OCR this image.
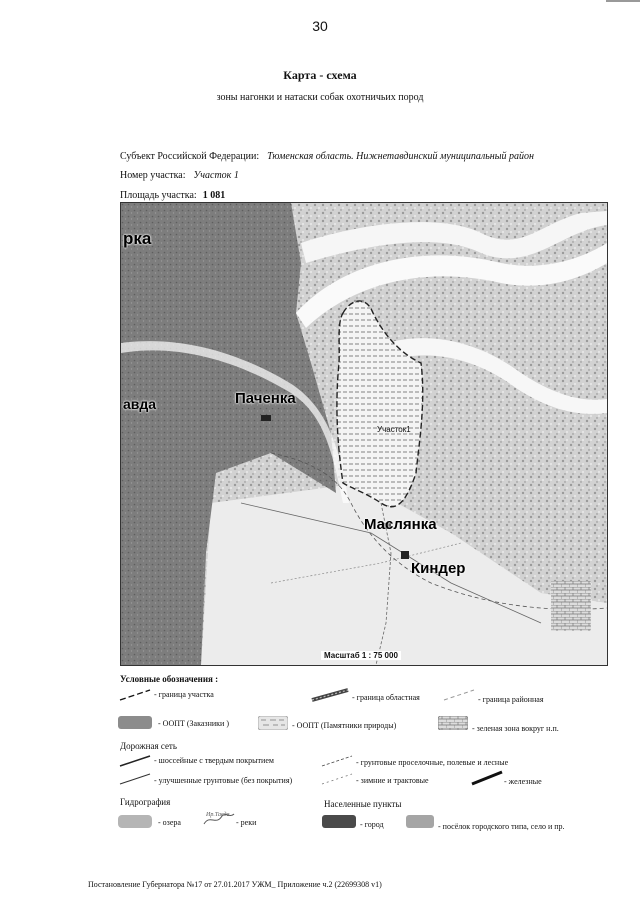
30
Карта - схема
зоны нагонки и натаски собак охотничьих пород
Субъект Российской Федерации: Тюменская область. Нижнетавдинский муниципальный район
Номер участка: Участок 1
Площадь участка: 1 081
рка
авда	Паченка
Маслянка
Киндер
Участок1
Масштаб 1 : 75 000
Условные обозначения :
- граница участка	- граница областная	- граница районная
- ООПТ (Заказники )	- ООПТ (Памятники природы)	- зеленая зона вокруг н.п.
Дорожная сеть
- шоссейные с твердым покрытием	- грунтовые проселочные, полевые и лесные
- улучшенные грунтовые (без покрытия)	- зимние и трактовые	- железные
Гидрография	Населенные пункты
- озера
Ир.Тавда
- реки	- город	- посёлок городского типа, село и пр.
Постановление Губернатора №17 от 27.01.2017 УЖМ_ Приложение ч.2 (22699308 v1)
